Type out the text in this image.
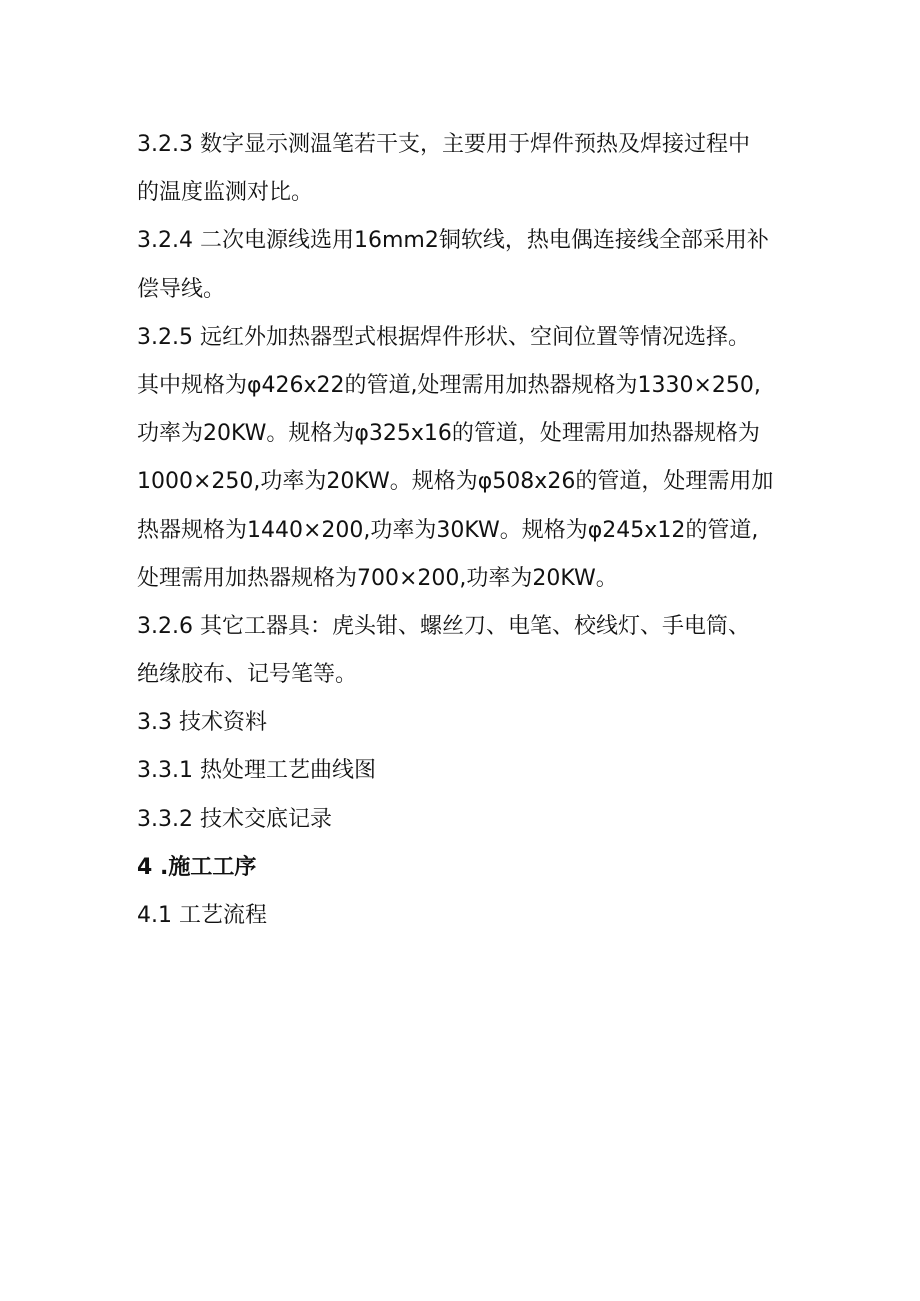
3.2.3 数字显示测温笔若干支，主要用于焊件预热及焊接过程中
的温度监测对比。
3.2.4 二次电源线选用16mm2铜软线，热电偶连接线全部采用补
偿导线。
3.2.5 远红外加热器型式根据焊件形状、空间位置等情况选择。
其中规格为φ426x22的管道,处理需用加热器规格为1330×250,
功率为20KW。规格为φ325x16的管道，处理需用加热器规格为
1000×250,功率为20KW。规格为φ508x26的管道，处理需用加
热器规格为1440×200,功率为30KW。规格为φ245x12的管道,
处理需用加热器规格为700×200,功率为20KW。
3.2.6 其它工器具：虎头钳、螺丝刀、电笔、校线灯、手电筒、
绝缘胶布、记号笔等。
3.3 技术资料
3.3.1 热处理工艺曲线图
3.3.2 技术交底记录
4 .施工工序
4.1 工艺流程
